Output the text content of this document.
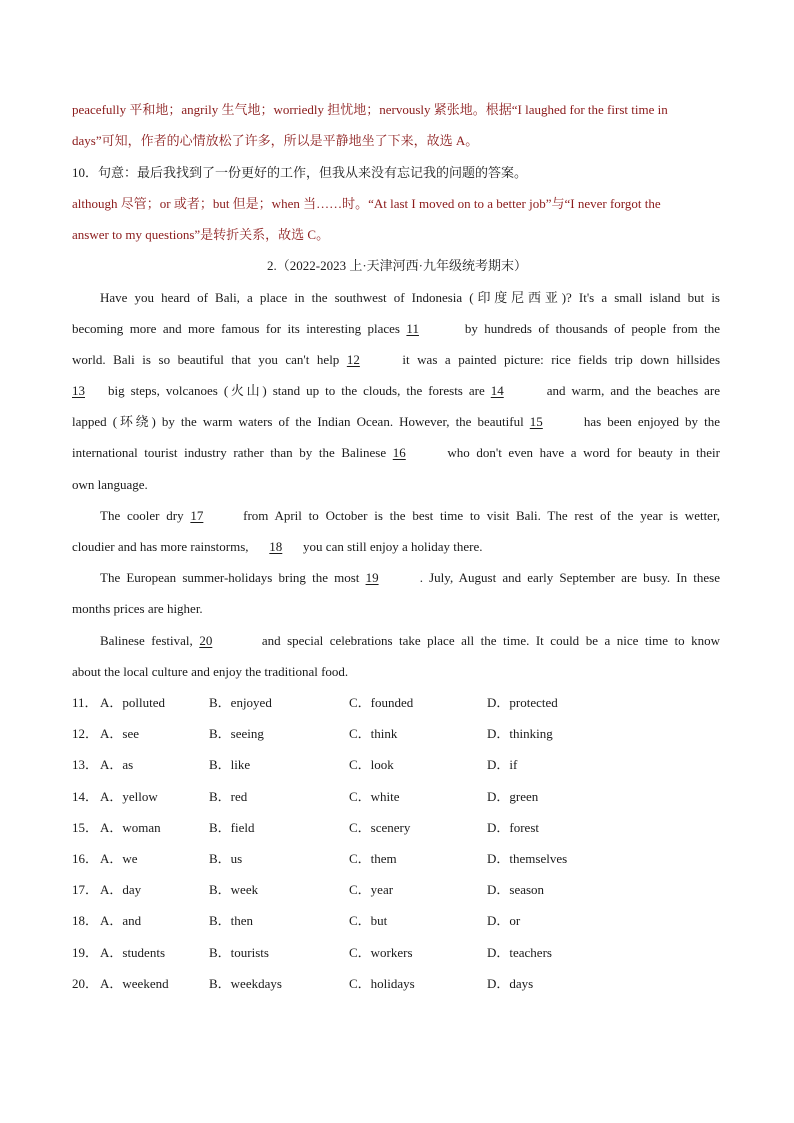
peacefully 平和地；angrily 生气地；worriedly 担忧地；nervously 紧张地。根据“I laughed for the first time in
days”可知，作者的心情放松了许多，所以是平静地坐了下来，故选 A。
10．句意：最后我找到了一份更好的工作，但我从来没有忘记我的问题的答案。
although 尽管；or 或者；but 但是；when 当……时。“At last I moved on to a better job”与“I never forgot the
answer to my questions”是转折关系，故选 C。
2.（2022-2023 上·天津河西·九年级统考期末）
Have you heard of Bali, a place in the southwest of Indonesia (印度尼西亚)? It's a small island but is
becoming more and more famous for its interesting places 11	by hundreds of thousands of people from the
world. Bali is so beautiful that you can't help 12	it was a painted picture: rice fields trip down hillsides
13 big steps, volcanoes (火山) stand up to the clouds, the forests are 14	and warm, and the beaches are
lapped (环绕) by the warm waters of the Indian Ocean. However, the beautiful 15	has been enjoyed by the
international tourist industry rather than by the Balinese 16	who don't even have a word for beauty in their
own language.
The cooler dry 17	from April to October is the best time to visit Bali. The rest of the year is wetter,
cloudier and has more rainstorms, 18 you can still enjoy a holiday there.
The European summer-holidays bring the most 19	. July, August and early September are busy. In these
months prices are higher.
Balinese festival, 20	and special celebrations take place all the time. It could be a nice time to know
about the local culture and enjoy the traditional food.
11． A．polluted	B．enjoyed	C．founded	D．protected
12． A．see	B．seeing	C．think	D．thinking
13． A．as	B．like	C．look	D．if
14． A．yellow	B．red	C．white	D．green
15． A．woman	B．field	C．scenery	D．forest
16． A．we	B．us	C．them	D．themselves
17． A．day	B．week	C．year	D．season
18． A．and	B．then	C．but	D．or
19． A．students	B．tourists	C．workers	D．teachers
20． A．weekend	B．weekdays	C．holidays	D．days
